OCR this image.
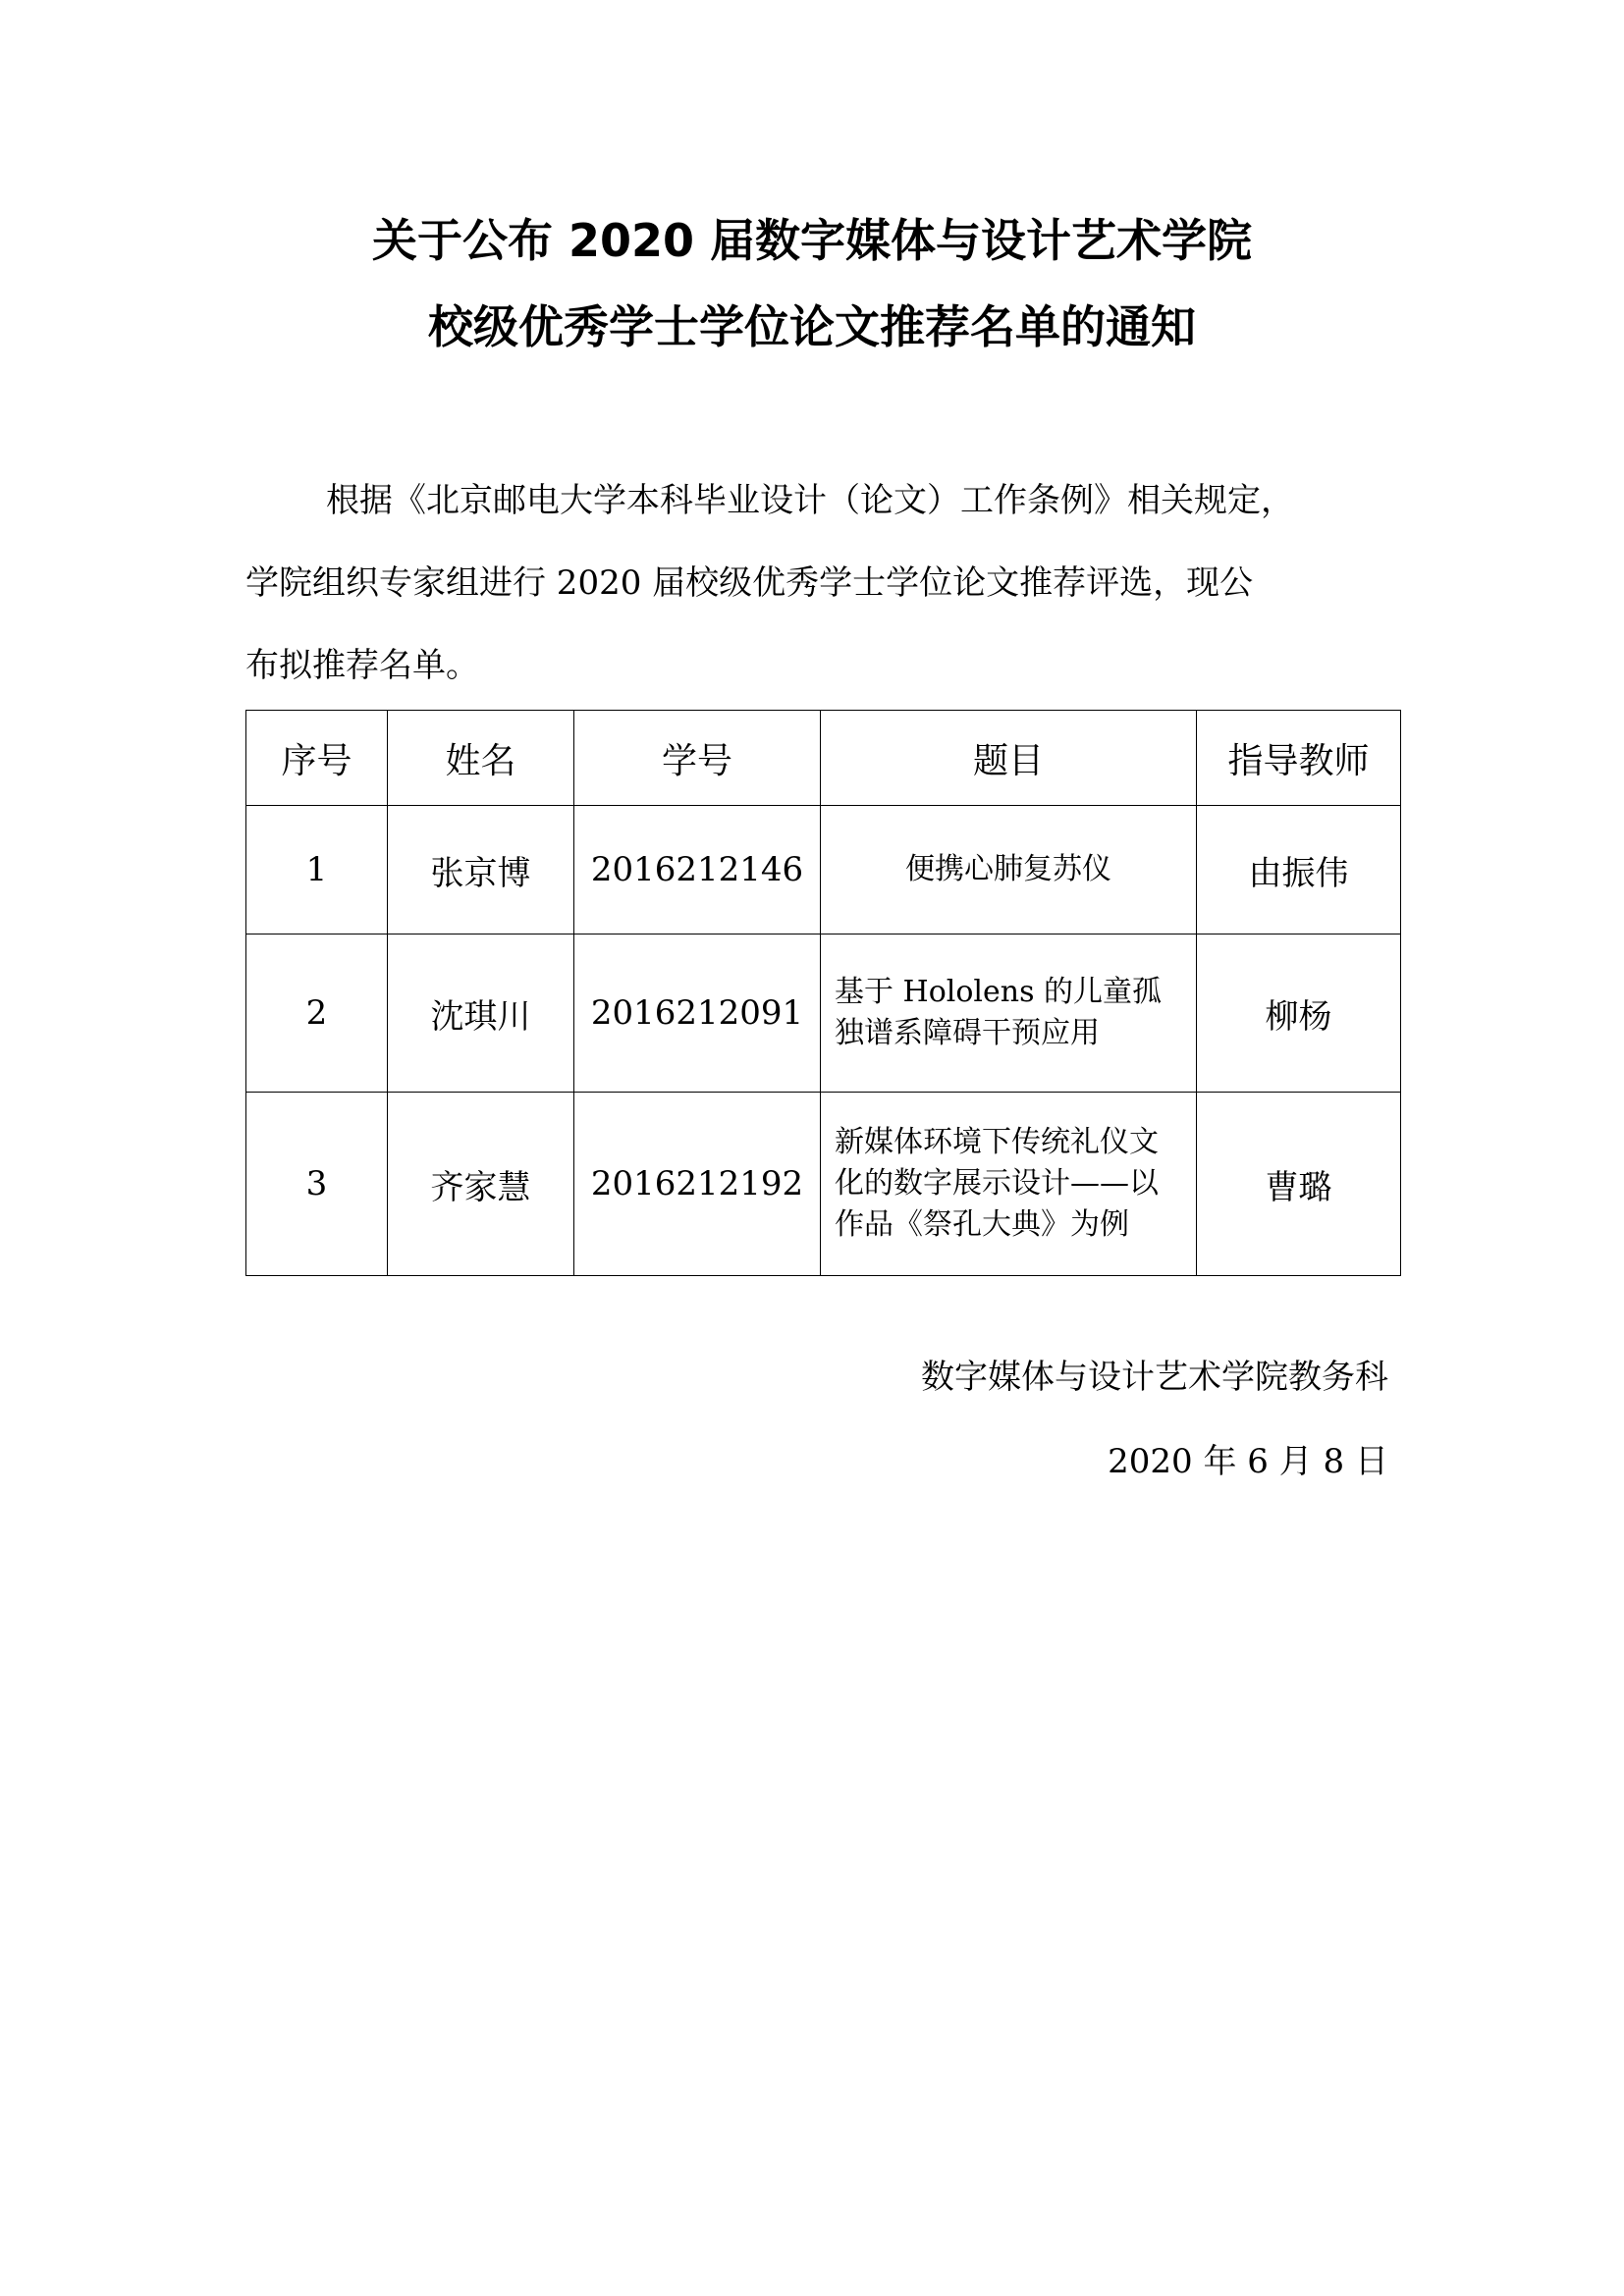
关于公布 2020 届数字媒体与设计艺术学院
校级优秀学士学位论文推荐名单的通知
根据《北京邮电大学本科毕业设计（论文）工作条例》相关规定，
学院组织专家组进行 2020 届校级优秀学士学位论文推荐评选，现公
布拟推荐名单。
序号	姓名	学号	题目	指导教师
1	张京博	2016212146	便携心肺复苏仪	由振伟
2	沈琪川	2016212091	基于 Hololens 的儿童孤独谱系障碍干预应用	柳杨
3	齐家慧	2016212192	新媒体环境下传统礼仪文化的数字展示设计——以作品《祭孔大典》为例	曹璐
数字媒体与设计艺术学院教务科
2020 年 6 月 8 日
